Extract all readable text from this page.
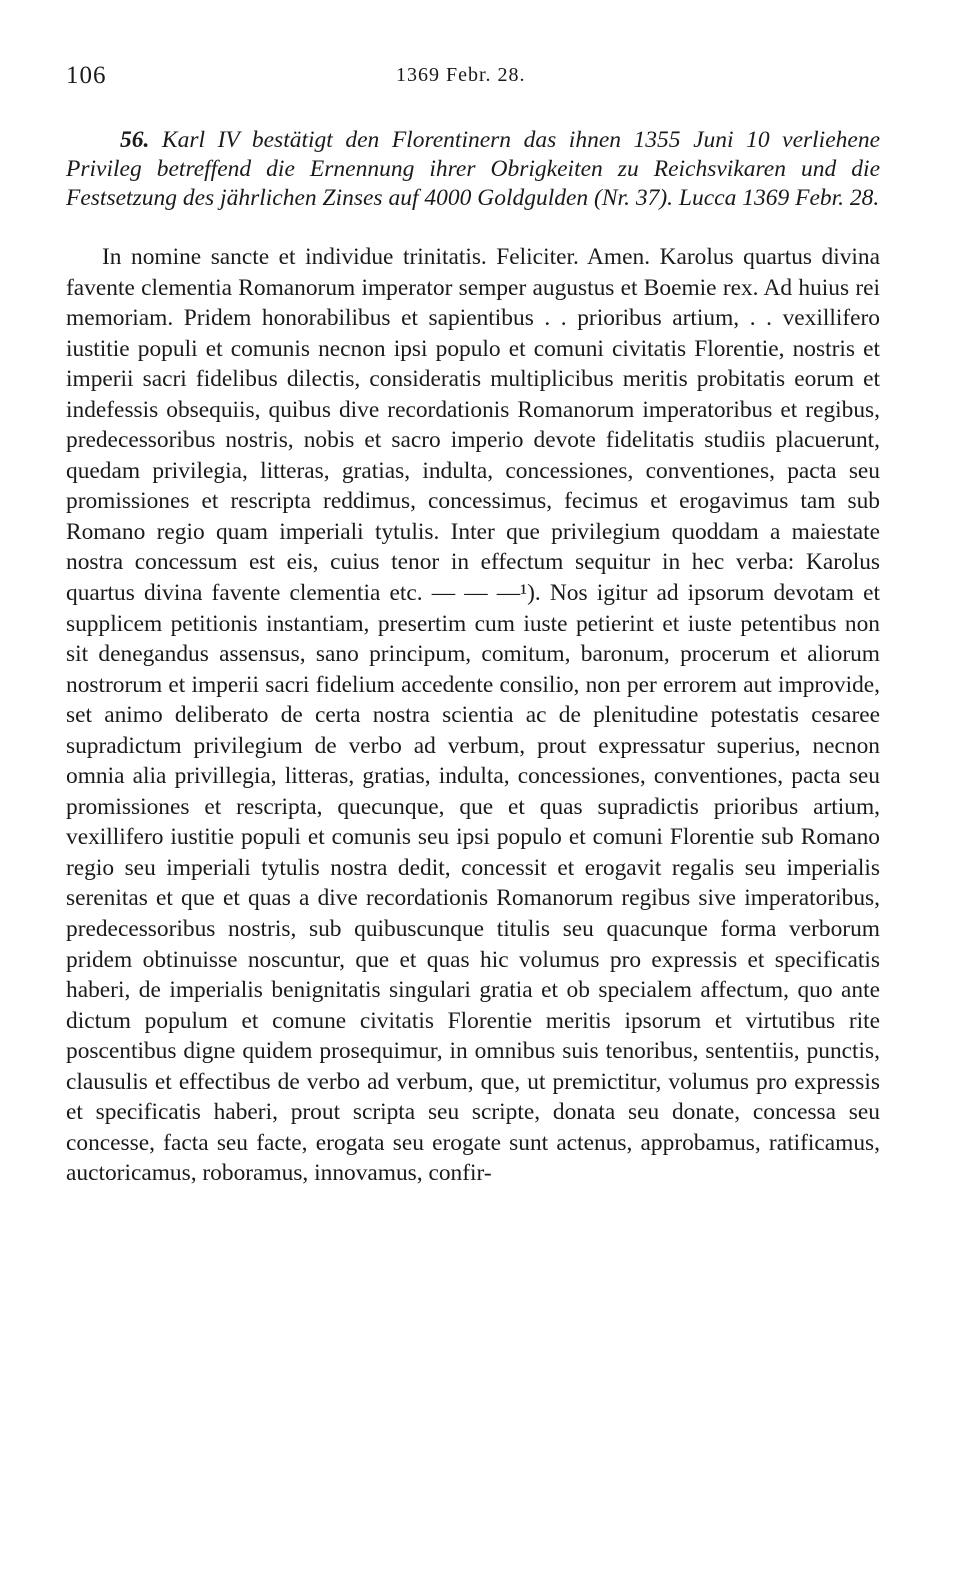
106	1369 Febr. 28.

56. Karl IV bestätigt den Florentinern das ihnen 1355 Juni 10 verliehene Privileg betreffend die Ernennung ihrer Obrigkeiten zu Reichsvikaren und die Festsetzung des jährlichen Zinses auf 4000 Goldgulden (Nr. 37). Lucca 1369 Febr. 28.

In nomine sancte et individue trinitatis. Feliciter. Amen. Karolus quartus divina favente clementia Romanorum imperator semper augustus et Boemie rex. Ad huius rei memoriam. Pridem honorabilibus et sapientibus . . prioribus artium, . . vexillifero iustitie populi et comunis necnon ipsi populo et comuni civitatis Florentie, nostris et imperii sacri fidelibus dilectis, consideratis multiplicibus meritis probitatis eorum et indefessis obsequiis, quibus dive recordationis Romanorum imperatoribus et regibus, predecessoribus nostris, nobis et sacro imperio devote fidelitatis studiis placuerunt, quedam privilegia, litteras, gratias, indulta, concessiones, conventiones, pacta seu promissiones et rescripta reddimus, concessimus, fecimus et erogavimus tam sub Romano regio quam imperiali tytulis. Inter que privilegium quoddam a maiestate nostra concessum est eis, cuius tenor in effectum sequitur in hec verba: Karolus quartus divina favente clementia etc. — — —¹). Nos igitur ad ipsorum devotam et supplicem petitionis instantiam, presertim cum iuste petierint et iuste petentibus non sit denegandus assensus, sano principum, comitum, baronum, procerum et aliorum nostrorum et imperii sacri fidelium accedente consilio, non per errorem aut improvide, set animo deliberato de certa nostra scientia ac de plenitudine potestatis cesaree supradictum privilegium de verbo ad verbum, prout expressatur superius, necnon omnia alia privillegia, litteras, gratias, indulta, concessiones, conventiones, pacta seu promissiones et rescripta, quecunque, que et quas supradictis prioribus artium, vexillifero iustitie populi et comunis seu ipsi populo et comuni Florentie sub Romano regio seu imperiali tytulis nostra dedit, concessit et erogavit regalis seu imperialis serenitas et que et quas a dive recordationis Romanorum regibus sive imperatoribus, predecessoribus nostris, sub quibuscunque titulis seu quacunque forma verborum pridem obtinuisse noscuntur, que et quas hic volumus pro expressis et specificatis haberi, de imperialis benignitatis singulari gratia et ob specialem affectum, quo ante dictum populum et comune civitatis Florentie meritis ipsorum et virtutibus rite poscentibus digne quidem prosequimur, in omnibus suis tenoribus, sententiis, punctis, clausulis et effectibus de verbo ad verbum, que, ut premictitur, volumus pro expressis et specificatis haberi, prout scripta seu scripte, donata seu donate, concessa seu concesse, facta seu facte, erogata seu erogate sunt actenus, approbamus, ratificamus, auctoricamus, roboramus, innovamus, confir-
